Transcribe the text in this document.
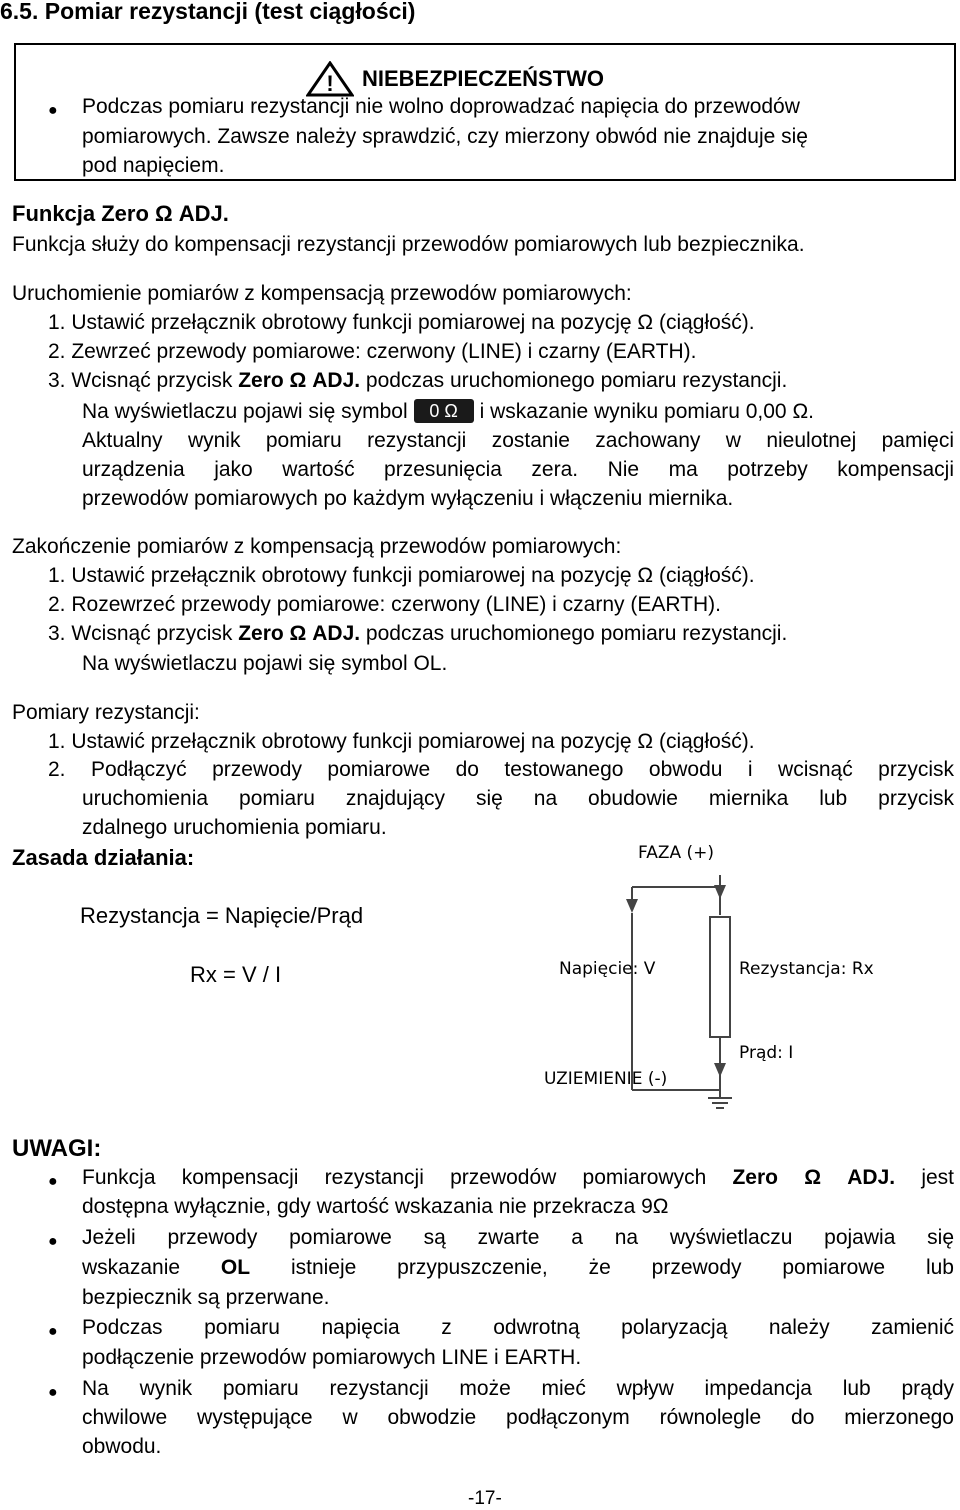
6.5. Pomiar rezystancji (test ciągłości)
! NIEBEZPIECZEŃSTWO
● Podczas pomiaru rezystancji nie wolno doprowadzać napięcia do przewodów
pomiarowych. Zawsze należy sprawdzić, czy mierzony obwód nie znajduje się
pod napięciem.
Funkcja Zero Ω ADJ.
Funkcja służy do kompensacji rezystancji przewodów pomiarowych lub bezpiecznika.
Uruchomienie pomiarów z kompensacją przewodów pomiarowych:
1. Ustawić przełącznik obrotowy funkcji pomiarowej na pozycję Ω (ciągłość).
2. Zewrzeć przewody pomiarowe: czerwony (LINE) i czarny (EARTH).
3. Wcisnąć przycisk Zero Ω ADJ. podczas uruchomionego pomiaru rezystancji.
Na wyświetlaczu pojawi się symbol 0 Ω i wskazanie wyniku pomiaru 0,00 Ω.
Aktualny wynik pomiaru rezystancji zostanie zachowany w nieulotnej pamięci
urządzenia jako wartość przesunięcia zera. Nie ma potrzeby kompensacji
przewodów pomiarowych po każdym wyłączeniu i włączeniu miernika.
Zakończenie pomiarów z kompensacją przewodów pomiarowych:
1. Ustawić przełącznik obrotowy funkcji pomiarowej na pozycję Ω (ciągłość).
2. Rozewrzeć przewody pomiarowe: czerwony (LINE) i czarny (EARTH).
3. Wcisnąć przycisk Zero Ω ADJ. podczas uruchomionego pomiaru rezystancji.
Na wyświetlaczu pojawi się symbol OL.
Pomiary rezystancji:
1. Ustawić przełącznik obrotowy funkcji pomiarowej na pozycję Ω (ciągłość).
2. Podłączyć przewody pomiarowe do testowanego obwodu i wcisnąć przycisk
uruchomienia pomiaru znajdujący się na obudowie miernika lub przycisk
zdalnego uruchomienia pomiaru.
Zasada działania:
Rezystancja = Napięcie/Prąd
Rx = V / I
FAZA (+)
Napięcie: V	Rezystancja: Rx
Prąd: I
UZIEMIENIE (-)
UWAGI:
● Funkcja kompensacji rezystancji przewodów pomiarowych Zero Ω ADJ. jest
dostępna wyłącznie, gdy wartość wskazania nie przekracza 9Ω
● Jeżeli przewody pomiarowe są zwarte a na wyświetlaczu pojawia się
wskazanie OL istnieje przypuszczenie, że przewody pomiarowe lub
bezpiecznik są przerwane.
● Podczas pomiaru napięcia z odwrotną polaryzacją należy zamienić
podłączenie przewodów pomiarowych LINE i EARTH.
● Na wynik pomiaru rezystancji może mieć wpływ impedancja lub prądy
chwilowe występujące w obwodzie podłączonym równolegle do mierzonego
obwodu.
-17-
